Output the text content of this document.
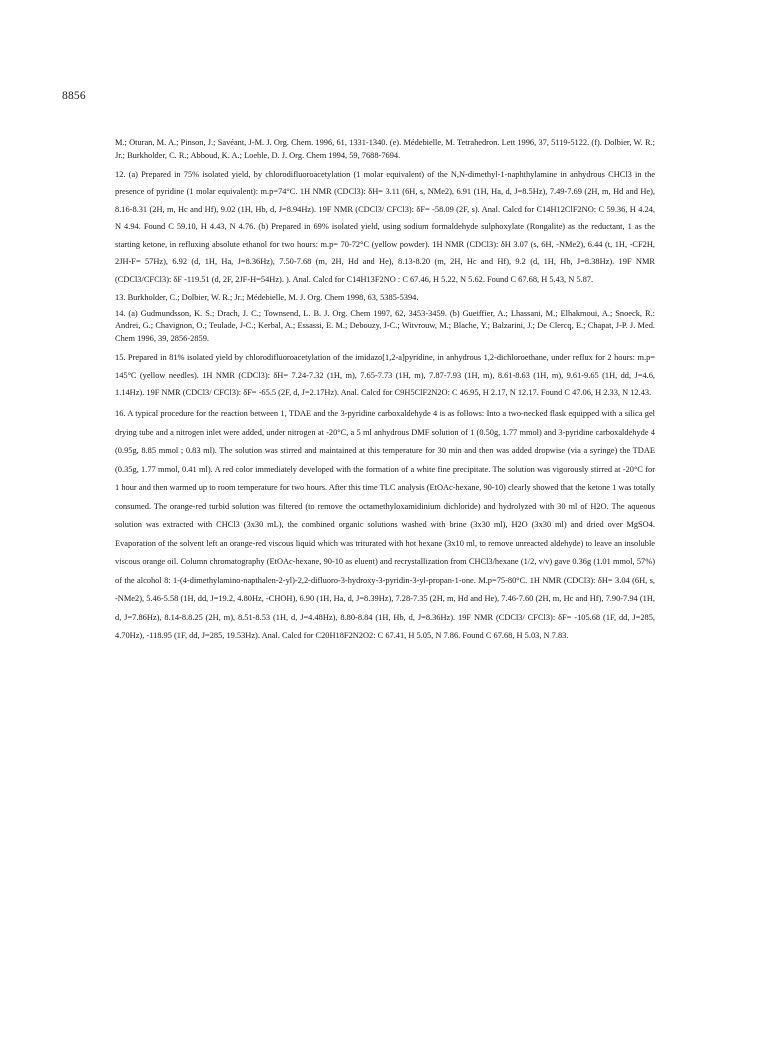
8856

M.; Oturan, M. A.; Pinson, J.; Savéant, J-M. J. Org. Chem. 1996, 61, 1331-1340. (e). Médebielle, M. Tetrahedron. Lett 1996, 37, 5119-5122. (f). Dolbier, W. R.; Jr.; Burkholder, C. R.; Abboud, K. A.; Loehle, D. J. Org. Chem 1994, 59, 7688-7694.

12. (a) Prepared in 75% isolated yield, by chlorodifluoroacetylation (1 molar equivalent) of the N,N-dimethyl-1-naphthylamine in anhydrous CHCl3 in the presence of pyridine (1 molar equivalent): m.p=74°C. 1H NMR (CDCl3): δH= 3.11 (6H, s, NMe2), 6.91 (1H, Ha, d, J=8.5Hz), 7.49-7.69 (2H, m, Hd and He), 8.16-8.31 (2H, m, Hc and Hf), 9.02 (1H, Hb, d, J=8.94Hz). 19F NMR (CDCl3/ CFCl3): δF= -58.09 (2F, s). Anal. Calcd for C14H12ClF2NO: C 59.36, H 4.24, N 4.94. Found C 59.10, H 4.43, N 4.76. (b) Prepared in 69% isolated yield, using sodium formaldehyde sulphoxylate (Rongalite) as the reductant, 1 as the starting ketone, in refluxing absolute ethanol for two hours: m.p= 70-72°C (yellow powder). 1H NMR (CDCl3): δH 3.07 (s, 6H, -NMe2), 6.44 (t, 1H, -CF2H, 2JH-F= 57Hz), 6.92 (d, 1H, Ha, J=8.36Hz), 7.50-7.68 (m, 2H, Hd and He), 8.13-8.20 (m, 2H, Hc and Hf), 9.2 (d, 1H, Hb, J=8.38Hz). 19F NMR (CDCl3/CFCl3): δF -119.51 (d, 2F, 2JF-H=54Hz). ). Anal. Calcd for C14H13F2NO : C 67.46, H 5.22, N 5.62. Found C 67.68, H 5.43, N 5.87.

13. Burkholder, C.; Dolbier, W. R.; Jr.; Médebielle, M. J. Org. Chem 1998, 63, 5385-5394.

14. (a) Gudmundsson, K. S.; Drach, J. C.; Townsend, L. B. J. Org. Chem 1997, 62, 3453-3459. (b) Gueiffier, A.; Lhassani, M.; Elhakmoui, A.; Snoeck, R.: Andrei, G.; Chavignon, O.; Teulade, J-C.; Kerbal, A.; Essassi, E. M.; Debouzy, J-C.; Witvrouw, M.; Blache, Y.; Balzarini, J.; De Clercq, E.; Chapat, J-P. J. Med. Chem 1996, 39, 2856-2859.

15. Prepared in 81% isolated yield by chlorodifluoroacetylation of the imidazo[1,2-a]pyridine, in anhydrous 1,2-dichloroethane, under reflux for 2 hours: m.p= 145°C (yellow needles). 1H NMR (CDCl3): δH= 7.24-7.32 (1H, m), 7.65-7.73 (1H, m), 7.87-7.93 (1H, m), 8.61-8.63 (1H, m), 9.61-9.65 (1H, dd, J=4.6, 1.14Hz). 19F NMR (CDCl3/ CFCl3): δF= -65.5 (2F, d, J=2.17Hz). Anal. Calcd for C9H5ClF2N2O: C 46.95, H 2.17, N 12.17. Found C 47.06, H 2.33, N 12.43.

16. A typical procedure for the reaction between 1, TDAE and the 3-pyridine carboxaldehyde 4 is as follows: Into a two-necked flask equipped with a silica gel drying tube and a nitrogen inlet were added, under nitrogen at -20°C, a 5 ml anhydrous DMF solution of 1 (0.50g, 1.77 mmol) and 3-pyridine carboxaldehyde 4 (0.95g, 8.85 mmol ; 0.83 ml). The solution was stirred and maintained at this temperature for 30 min and then was added dropwise (via a syringe) the TDAE (0.35g, 1.77 mmol, 0.41 ml). A red color immediately developed with the formation of a white fine precipitate. The solution was vigorously stirred at -20°C for 1 hour and then warmed up to room temperature for two hours. After this time TLC analysis (EtOAc-hexane, 90-10) clearly showed that the ketone 1 was totally consumed. The orange-red turbid solution was filtered (to remove the octamethyloxamidinium dichloride) and hydrolyzed with 30 ml of H2O. The aqueous solution was extracted with CHCl3 (3x30 mL), the combined organic solutions washed with brine (3x30 ml), H2O (3x30 ml) and dried over MgSO4. Evaporation of the solvent left an orange-red viscous liquid which was triturated with hot hexane (3x10 ml, to remove unreacted aldehyde) to leave an insoluble viscous orange oil. Column chromatography (EtOAc-hexane, 90-10 as eluent) and recrystallization from CHCl3/hexane (1/2, v/v) gave 0.36g (1.01 mmol, 57%) of the alcohol 8: 1-(4-dimethylamino-napthalen-2-yl)-2,2-difluoro-3-hydroxy-3-pyridin-3-yl-propan-1-one. M.p=75-80°C. 1H NMR (CDCl3): δH= 3.04 (6H, s, -NMe2), 5.46-5.58 (1H, dd, J=19.2, 4.80Hz, -CHOH), 6.90 (1H, Ha, d, J=8.39Hz), 7.28-7.35 (2H, m, Hd and He), 7.46-7.60 (2H, m, Hc and Hf), 7.90-7.94 (1H, d, J=7.86Hz), 8.14-8.8.25 (2H, m), 8.51-8.53 (1H, d, J=4.48Hz), 8.80-8.84 (1H, Hb, d, J=8.36Hz). 19F NMR (CDCl3/ CFCl3): δF= -105.68 (1F, dd, J=285, 4.70Hz), -118.95 (1F, dd, J=285, 19.53Hz). Anal. Calcd for C20H18F2N2O2: C 67.41, H 5.05, N 7.86. Found C 67.68, H 5.03, N 7.83.
